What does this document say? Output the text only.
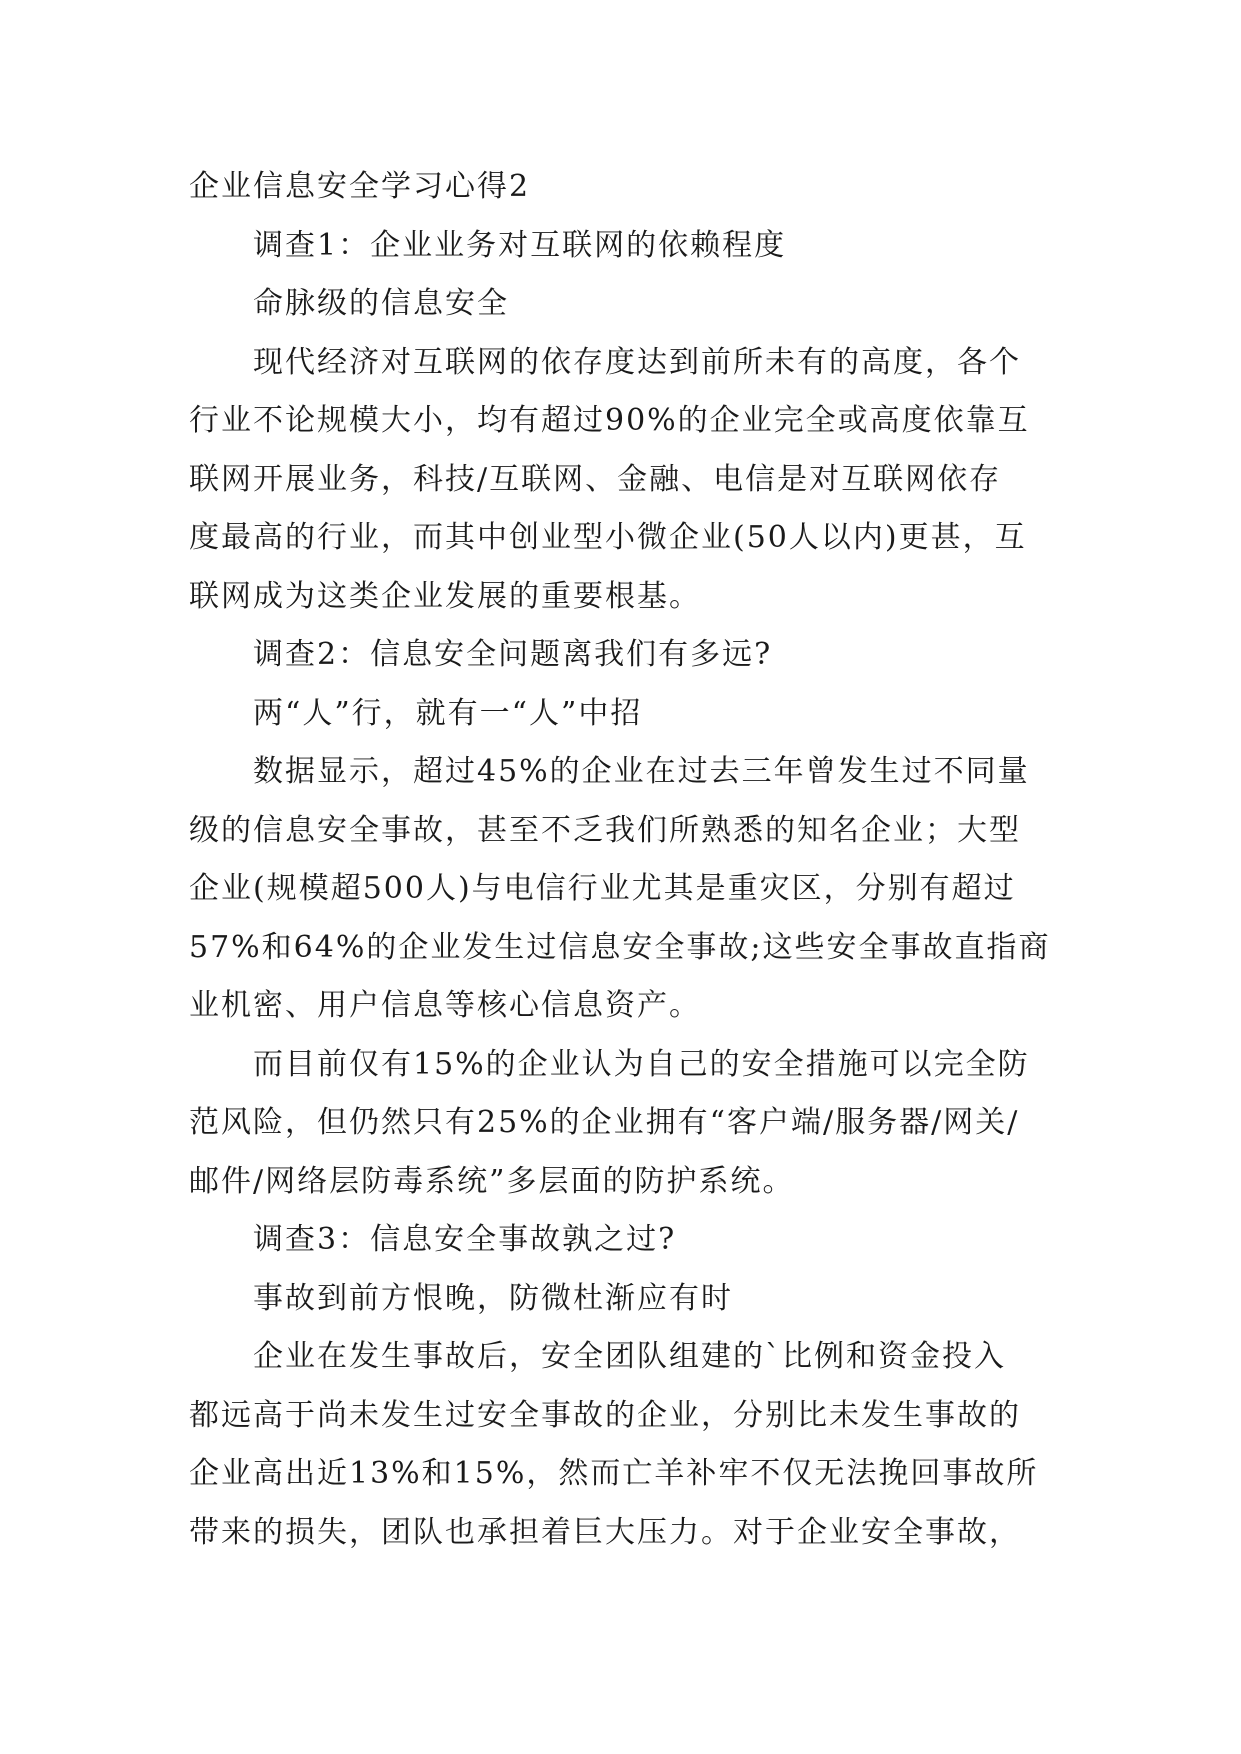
企业信息安全学习心得2
调查1：企业业务对互联网的依赖程度
命脉级的信息安全
现代经济对互联网的依存度达到前所未有的高度，各个
行业不论规模大小，均有超过90%的企业完全或高度依靠互
联网开展业务，科技/互联网、金融、电信是对互联网依存
度最高的行业，而其中创业型小微企业(50人以内)更甚，互
联网成为这类企业发展的重要根基。
调查2：信息安全问题离我们有多远?
两“人”行，就有一“人”中招
数据显示，超过45%的企业在过去三年曾发生过不同量
级的信息安全事故，甚至不乏我们所熟悉的知名企业；大型
企业(规模超500人)与电信行业尤其是重灾区，分别有超过
57%和64%的企业发生过信息安全事故;这些安全事故直指商
业机密、用户信息等核心信息资产。
而目前仅有15%的企业认为自己的安全措施可以完全防
范风险，但仍然只有25%的企业拥有“客户端/服务器/网关/
邮件/网络层防毒系统”多层面的防护系统。
调查3：信息安全事故孰之过?
事故到前方恨晚，防微杜渐应有时
企业在发生事故后，安全团队组建的`比例和资金投入
都远高于尚未发生过安全事故的企业，分别比未发生事故的
企业高出近13%和15%，然而亡羊补牢不仅无法挽回事故所
带来的损失，团队也承担着巨大压力。对于企业安全事故，
